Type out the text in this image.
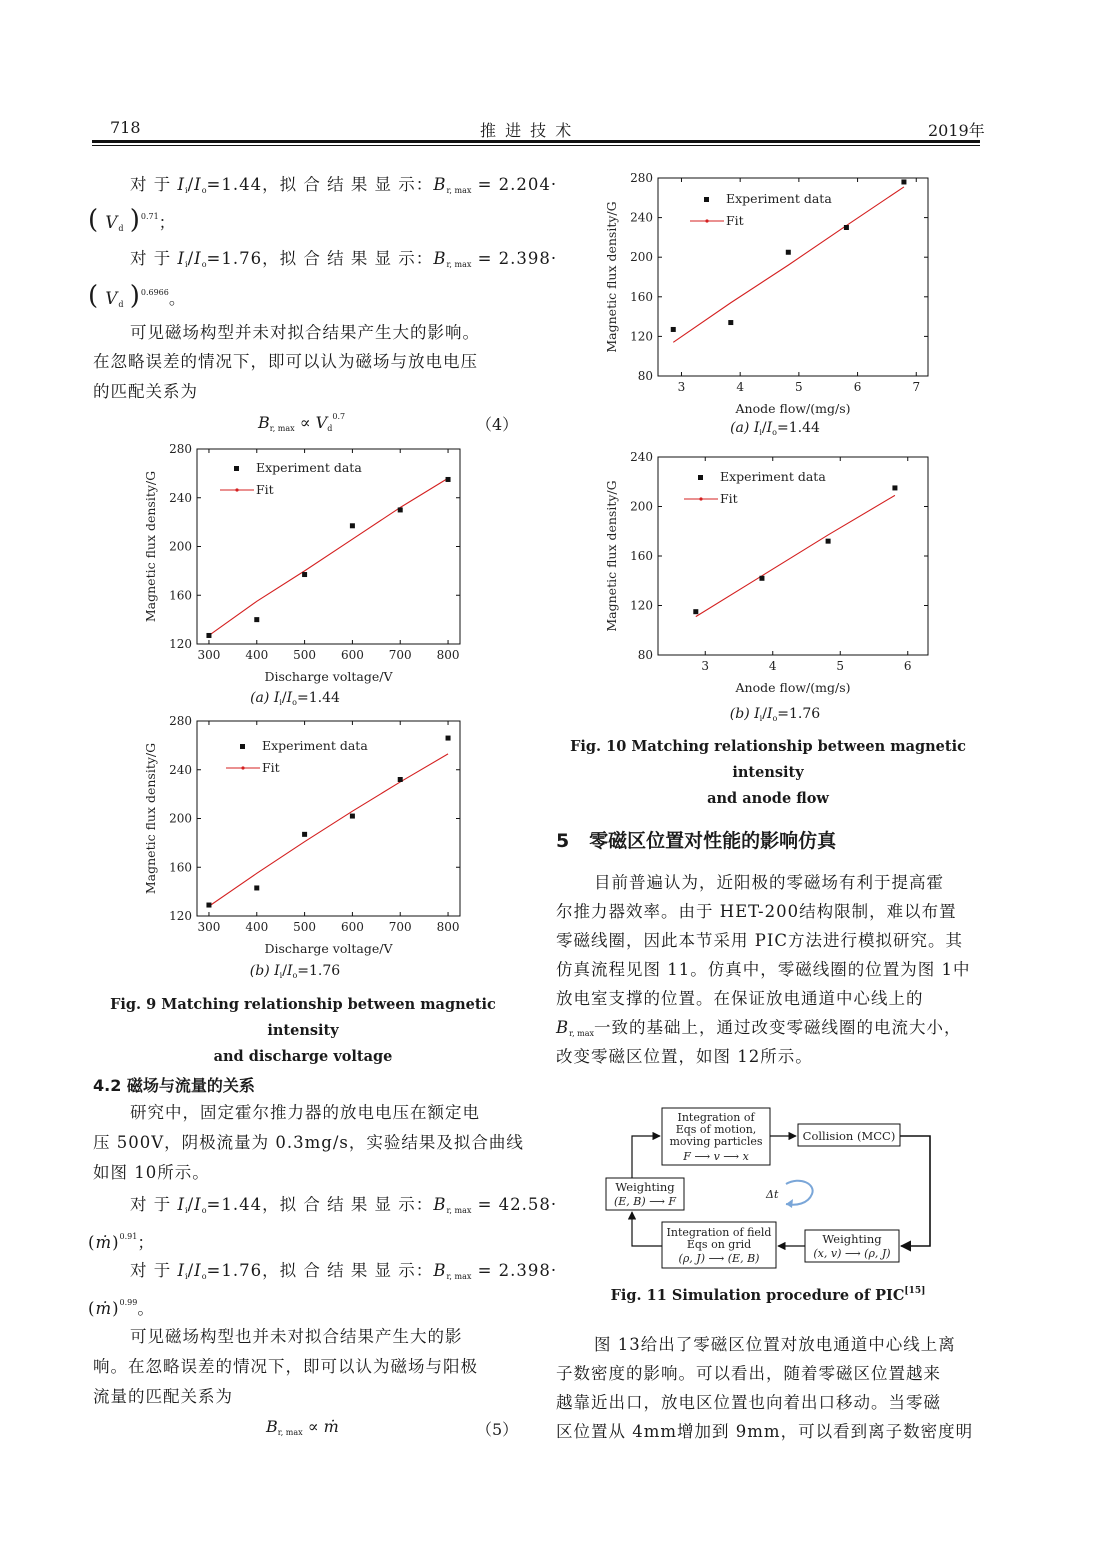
718	推 进 技 术	2019年
对 于 $I_i/I_o=1.44$，拟 合 结 果 显 示：$B_{r, max} = 2.204\cdot$
( $V_d$ )$^{0.71}$；
对 于 $I_i/I_o=1.76$，拟 合 结 果 显 示：$B_{r, max} = 2.398\cdot$
( $V_d$ )$^{0.6966}$。
可见磁场构型并未对拟合结果产生大的影响。
在忽略误差的情况下，即可以认为磁场与放电电压
的匹配关系为
$B_{r, max} \propto V_d^{0.7}$	（4）
300 400 500 600 700 800
120
160
200
240
280
Discharge voltage/V
Magnetic flux density/G
Experiment data
Fit
(a) $I_i/I_o=1.44$
300 400 500 600 700 800
120
160
200
240
280
Discharge voltage/V
Magnetic flux density/G	Experiment data
Fit
(b) $I_i/I_o=1.76$
Fig. 9 Matching relationship between magnetic intensity
and discharge voltage
4.2 磁场与流量的关系
研究中，固定霍尔推力器的放电电压在额定电
压 500V，阴极流量为 0.3mg/s，实验结果及拟合曲线
如图 10所示。
对 于 $I_i/I_o=1.44$，拟 合 结 果 显 示：$B_{r, max} = 42.58\cdot$
(ṁ)$^{0.91}$；
对 于 $I_i/I_o=1.76$，拟 合 结 果 显 示：$B_{r, max} = 2.398\cdot$
(ṁ)$^{0.99}$。
可见磁场构型也并未对拟合结果产生大的影
响。在忽略误差的情况下，即可以认为磁场与阳极
流量的匹配关系为
$B_{r, max}$ ∝ ṁ	（5）
3	4	5	6	7
80
120
160
200
240
280
Anode flow/(mg/s)
Magnetic flux density/G
Experiment data
Fit
(a) $I_i/I_o=1.44$
3	4	5	6
80
120
160
200
240
Anode flow/(mg/s)
Magnetic flux density/G
Experiment data
Fit
(b) $I_i/I_o=1.76$
Fig. 10 Matching relationship between magnetic intensity
and anode flow
5 零磁区位置对性能的影响仿真
目前普遍认为，近阳极的零磁场有利于提高霍
尔推力器效率。由于 HET-200结构限制，难以布置
零磁线圈，因此本节采用 PIC方法进行模拟研究。其
仿真流程见图 11。仿真中，零磁线圈的位置为图 1中
放电室支撑的位置。在保证放电通道中心线上的
$B_{r, max}$一致的基础上，通过改变零磁线圈的电流大小，
改变零磁区位置，如图 12所示。
Integration of
Eqs of motion,
moving particles
F ⟶ v ⟶ x
Collision (MCC)
Weighting
(E, B) ⟶ F
Integration of field
Eqs on grid
(ρ, J) ⟶ (E, B)
Weighting
(x, v) ⟶ (ρ, J)
Δt
Fig. 11 Simulation procedure of PIC[15]
图 13给出了零磁区位置对放电通道中心线上离
子数密度的影响。可以看出，随着零磁区位置越来
越靠近出口，放电区位置也向着出口移动。当零磁
区位置从 4mm增加到 9mm，可以看到离子数密度明
